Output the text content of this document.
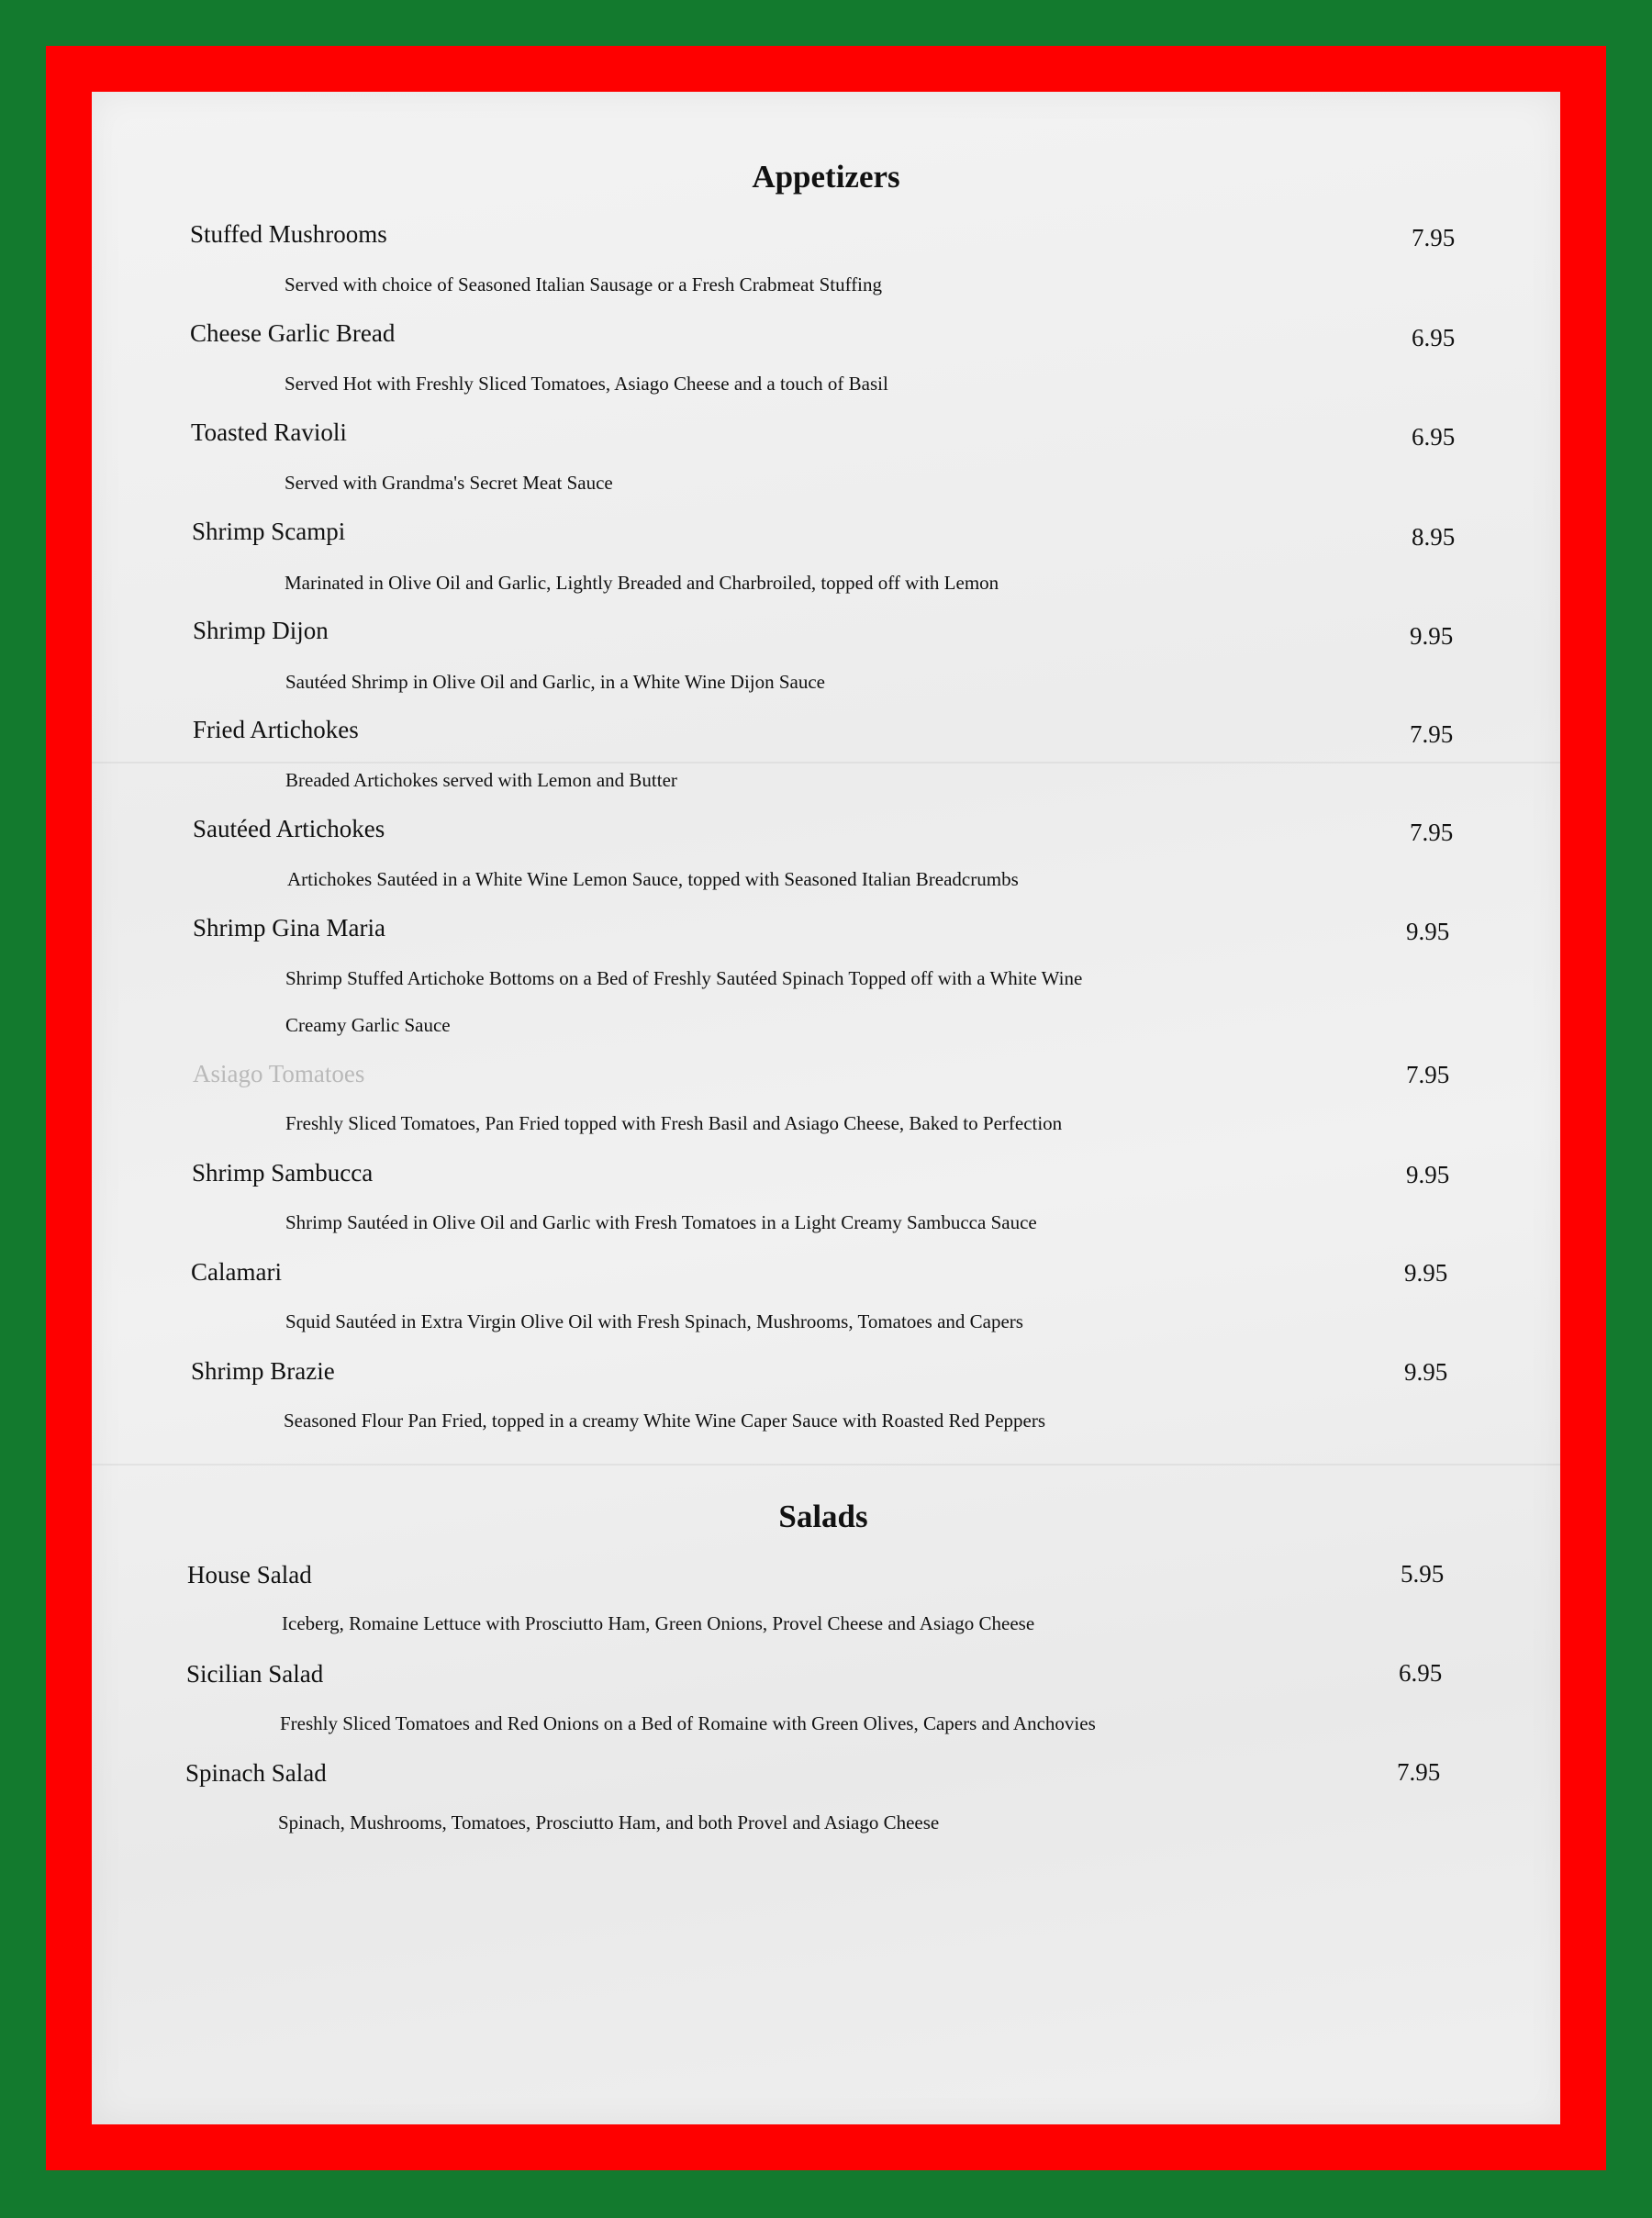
Appetizers
Stuffed Mushrooms	7.95
Served with choice of Seasoned Italian Sausage or a Fresh Crabmeat Stuffing
Cheese Garlic Bread	6.95
Served Hot with Freshly Sliced Tomatoes, Asiago Cheese and a touch of Basil
Toasted Ravioli	6.95
Served with Grandma's Secret Meat Sauce
Shrimp Scampi	8.95
Marinated in Olive Oil and Garlic, Lightly Breaded and Charbroiled, topped off with Lemon
Shrimp Dijon	9.95
Sautéed Shrimp in Olive Oil and Garlic, in a White Wine Dijon Sauce
Fried Artichokes	7.95
Breaded Artichokes served with Lemon and Butter
Sautéed Artichokes	7.95
Artichokes Sautéed in a White Wine Lemon Sauce, topped with Seasoned Italian Breadcrumbs
Shrimp Gina Maria	9.95
Shrimp Stuffed Artichoke Bottoms on a Bed of Freshly Sautéed Spinach Topped off with a White Wine
Creamy Garlic Sauce
Asiago Tomatoes	7.95
Freshly Sliced Tomatoes, Pan Fried topped with Fresh Basil and Asiago Cheese, Baked to Perfection
Shrimp Sambucca	9.95
Shrimp Sautéed in Olive Oil and Garlic with Fresh Tomatoes in a Light Creamy Sambucca Sauce
Calamari	9.95
Squid Sautéed in Extra Virgin Olive Oil with Fresh Spinach, Mushrooms, Tomatoes and Capers
Shrimp Brazie	9.95
Seasoned Flour Pan Fried, topped in a creamy White Wine Caper Sauce with Roasted Red Peppers
Salads
House Salad	5.95
Iceberg, Romaine Lettuce with Prosciutto Ham, Green Onions, Provel Cheese and Asiago Cheese
Sicilian Salad	6.95
Freshly Sliced Tomatoes and Red Onions on a Bed of Romaine with Green Olives, Capers and Anchovies
Spinach Salad	7.95
Spinach, Mushrooms, Tomatoes, Prosciutto Ham, and both Provel and Asiago Cheese
